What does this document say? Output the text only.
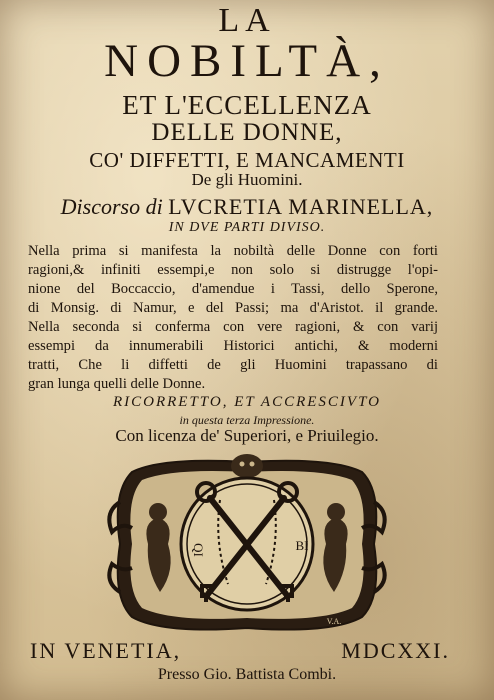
LA
NOBILTÀ,
ET L'ECCELLENZA
DELLE DONNE,
CO' DIFFETTI, E MANCAMENTI
De gli Huomini.
Discorso di LVCRETIA MARINELLA,
IN DVE PARTI DIVISO.
Nella prima si manifesta la nobiltà delle Donne con forti
ragioni,& infiniti essempi,e non solo si distrugge l'opi-
nione del Boccaccio, d'amendue i Tassi, dello Sperone,
di Monsig. di Namur, e del Passi; ma d'Aristot. il grande.
Nella seconda si conferma con vere ragioni, & con varij
essempi da innumerabili Historici antichi, & moderni
tratti, Che li diffetti de gli Huomini trapassano di
gran lunga quelli delle Donne.
RICORRETTO, ET ACCRESCIVTO
in questa terza Impressione.
Con licenza de' Superiori, e Priuilegio.
QI	BI
V.A.
IN VENETIA,	MDCXXI.
Presso Gio. Battista Combi.
